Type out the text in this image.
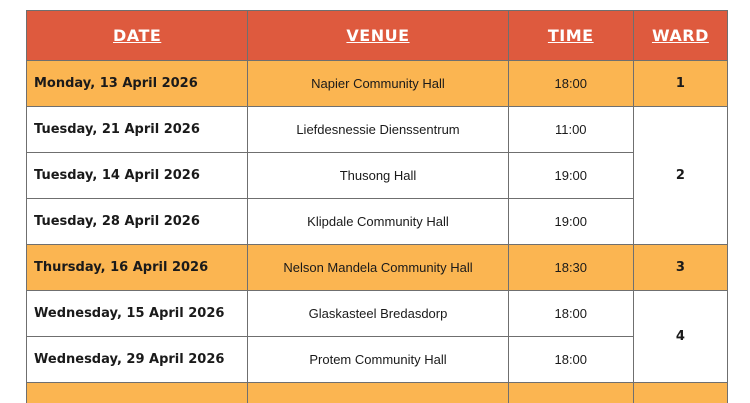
DATE	VENUE	TIME	WARD
Monday, 13 April 2026	Napier Community Hall	18:00	1
Tuesday, 21 April 2026	Liefdesnessie Dienssentrum	11:00	2
Tuesday, 14 April 2026	Thusong Hall	19:00	
Tuesday, 28 April 2026	Klipdale Community Hall	19:00	
Thursday, 16 April 2026	Nelson Mandela Community Hall	18:30	3
Wednesday, 15 April 2026	Glaskasteel Bredasdorp	18:00	4
Wednesday, 29 April 2026	Protem Community Hall	18:00	
